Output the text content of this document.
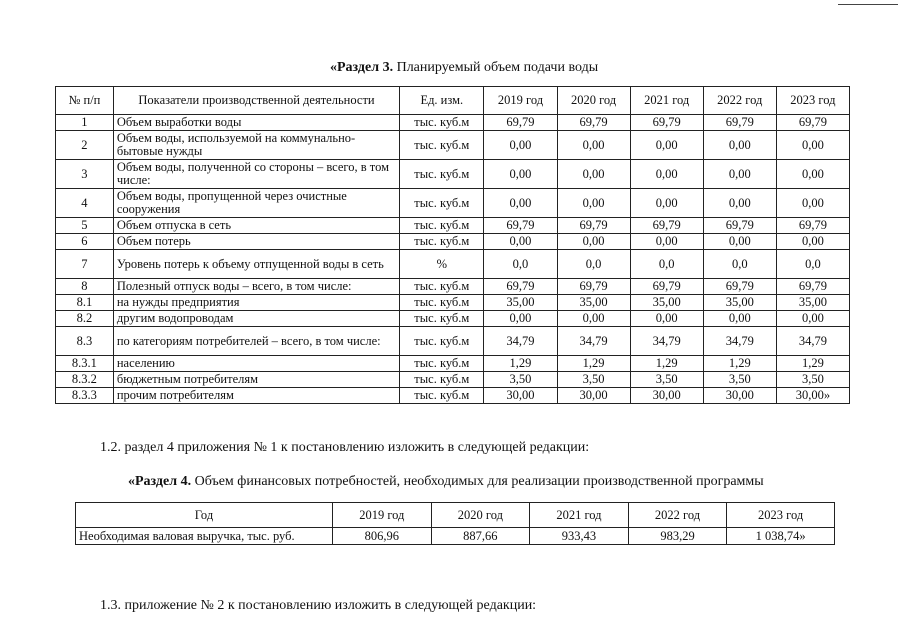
«Раздел 3. Планируемый объем подачи воды
№ п/п	Показатели производственной деятельности	Ед. изм.	2019 год	2020 год	2021 год	2022 год	2023 год
1	Объем выработки воды	тыс. куб.м	69,79	69,79	69,79	69,79	69,79
2	Объем воды, используемой на коммунально-бытовые нужды	тыс. куб.м	0,00	0,00	0,00	0,00	0,00
3	Объем воды, полученной со стороны – всего, в том числе:	тыс. куб.м	0,00	0,00	0,00	0,00	0,00
4	Объем воды, пропущенной через очистные сооружения	тыс. куб.м	0,00	0,00	0,00	0,00	0,00
5	Объем отпуска в сеть	тыс. куб.м	69,79	69,79	69,79	69,79	69,79
6	Объем потерь	тыс. куб.м	0,00	0,00	0,00	0,00	0,00
7	Уровень потерь к объему отпущенной воды в сеть	%	0,0	0,0	0,0	0,0	0,0
8	Полезный отпуск воды – всего, в том числе:	тыс. куб.м	69,79	69,79	69,79	69,79	69,79
8.1	на нужды предприятия	тыс. куб.м	35,00	35,00	35,00	35,00	35,00
8.2	другим водопроводам	тыс. куб.м	0,00	0,00	0,00	0,00	0,00
8.3	по категориям потребителей – всего, в том числе:	тыс. куб.м	34,79	34,79	34,79	34,79	34,79
8.3.1	населению	тыс. куб.м	1,29	1,29	1,29	1,29	1,29
8.3.2	бюджетным потребителям	тыс. куб.м	3,50	3,50	3,50	3,50	3,50
8.3.3	прочим потребителям	тыс. куб.м	30,00	30,00	30,00	30,00	30,00»
1.2. раздел 4 приложения № 1 к постановлению изложить в следующей редакции:
«Раздел 4. Объем финансовых потребностей, необходимых для реализации производственной программы
Год	2019 год	2020 год	2021 год	2022 год	2023 год
Необходимая валовая выручка, тыс. руб.	806,96	887,66	933,43	983,29	1 038,74»
1.3. приложение № 2 к постановлению изложить в следующей редакции:
